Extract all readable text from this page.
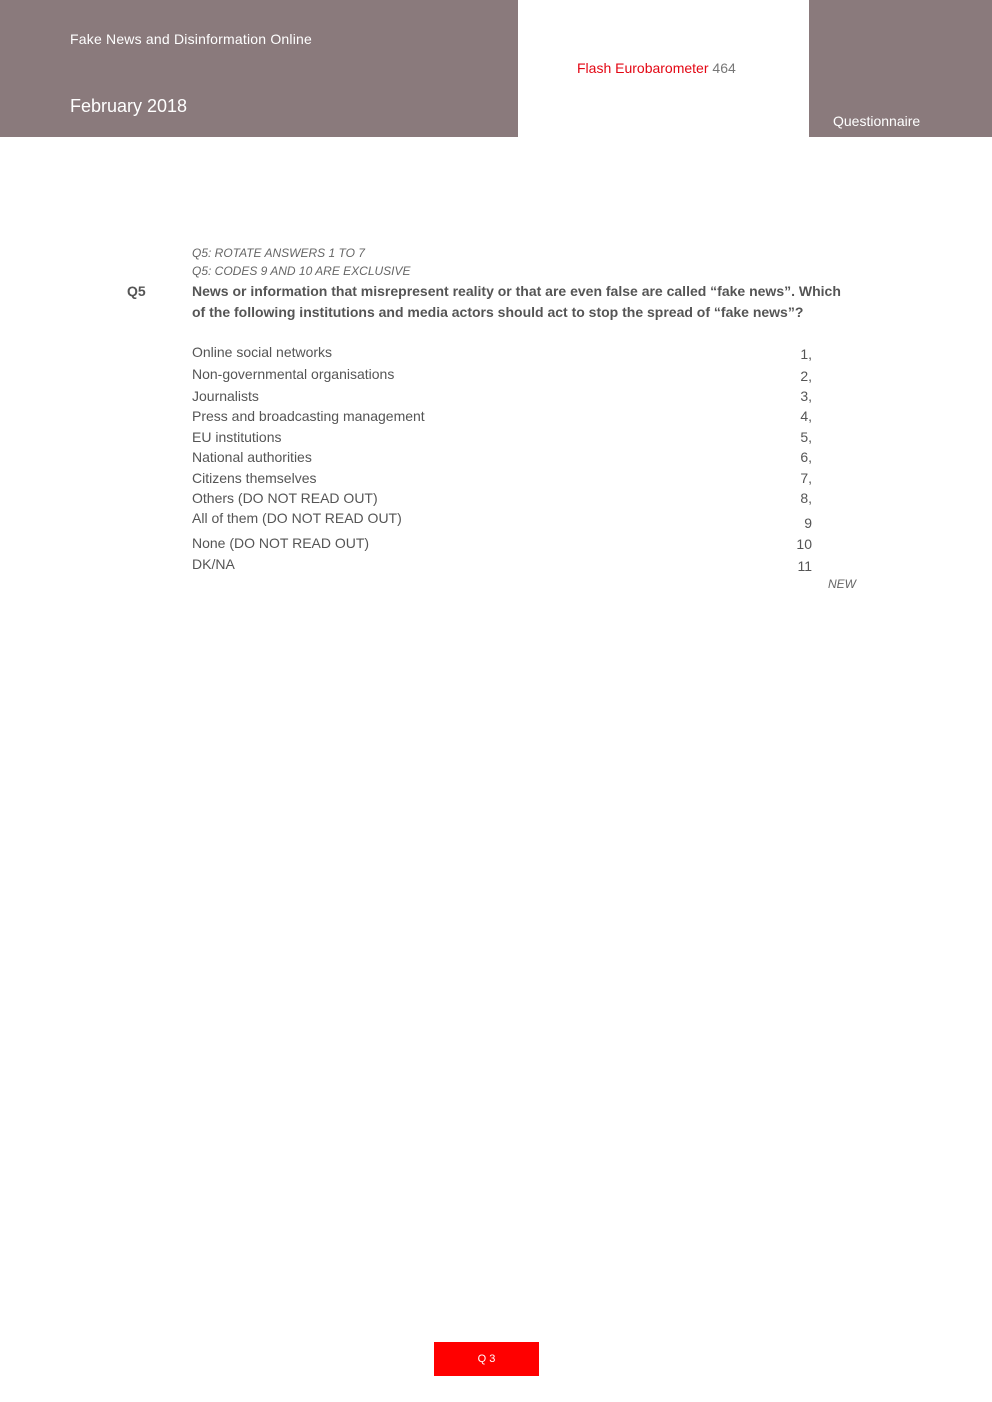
Fake News and Disinformation Online
February 2018
Flash Eurobarometer 464
Questionnaire
Q5: ROTATE ANSWERS 1 TO 7
Q5: CODES 9 AND 10 ARE EXCLUSIVE
Q5	News or information that misrepresent reality or that are even false are called “fake news”. Which of the following institutions and media actors should act to stop the spread of “fake news”?
Online social networks	1,
Non-governmental organisations	2,
Journalists	3,
Press and broadcasting management	4,
EU institutions	5,
National authorities	6,
Citizens themselves	7,
Others (DO NOT READ OUT)	8,
All of them (DO NOT READ OUT)	9
None (DO NOT READ OUT)	10
DK/NA	11
NEW
Q 3
